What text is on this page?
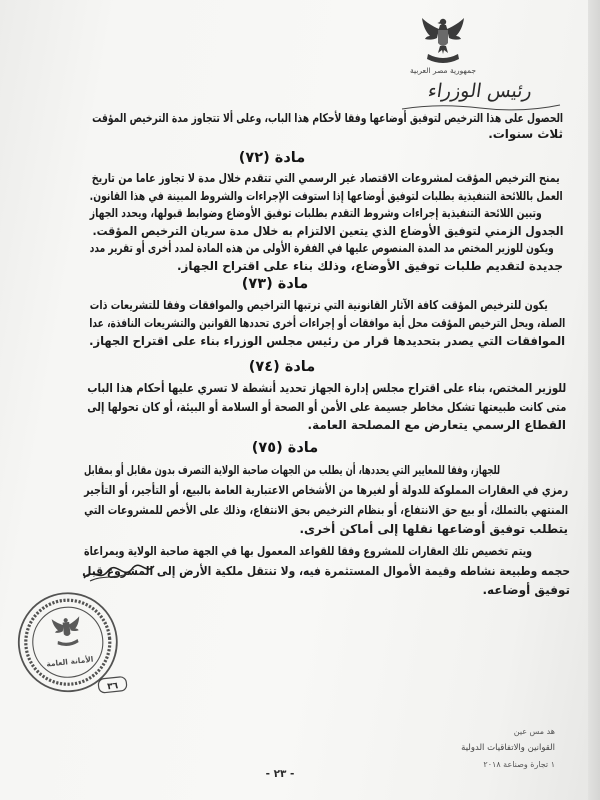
جمهورية مصر العربية
رئيس الوزراء
الحصول على هذا الترخيص لتوفيق أوضاعها وفقا لأحكام هذا الباب، وعلى ألا تتجاوز مدة الترخيص المؤقت
ثلاث سنوات.
مادة (٧٢)
يمنح الترخيص المؤقت لمشروعات الاقتصاد غير الرسمي التي تتقدم خلال مدة لا تجاوز عاما من تاريخ
العمل باللائحة التنفيذية بطلبات لتوفيق أوضاعها إذا استوفت الإجراءات والشروط المبينة في هذا القانون.
وتبين اللائحة التنفيذية إجراءات وشروط التقدم بطلبات توفيق الأوضاع وضوابط قبولها، ويحدد الجهاز
الجدول الزمني لتوفيق الأوضاع الذي يتعين الالتزام به خلال مدة سريان الترخيص المؤقت.
ويكون للوزير المختص مد المدة المنصوص عليها في الفقرة الأولى من هذه المادة لمدد أخرى أو تقرير مدد
جديدة لتقديم طلبات توفيق الأوضاع، وذلك بناء على اقتراح الجهاز.
مادة (٧٣)
يكون للترخيص المؤقت كافة الآثار القانونية التي ترتبها التراخيص والموافقات وفقا للتشريعات ذات
الصلة، ويحل الترخيص المؤقت محل أية موافقات أو إجراءات أخرى تحددها القوانين والتشريعات النافذة، عدا
الموافقات التي يصدر بتحديدها قرار من رئيس مجلس الوزراء بناء على اقتراح الجهاز.
مادة (٧٤)
للوزير المختص، بناء على اقتراح مجلس إدارة الجهاز تحديد أنشطة لا تسري عليها أحكام هذا الباب
متى كانت طبيعتها تشكل مخاطر جسيمة على الأمن أو الصحة أو السلامة أو البيئة، أو كان تحولها إلى
القطاع الرسمي يتعارض مع المصلحة العامة.
مادة (٧٥)
للجهاز، وفقا للمعايير التي يحددها، أن يطلب من الجهات صاحبة الولاية التصرف بدون مقابل أو بمقابل
رمزي في العقارات المملوكة للدولة أو لغيرها من الأشخاص الاعتبارية العامة بالبيع، أو التأجير، أو التأجير
المنتهي بالتملك، أو بيع حق الانتفاع، أو بنظام الترخيص بحق الانتفاع، وذلك على الأخص للمشروعات التي
يتطلب توفيق أوضاعها نقلها إلى أماكن أخرى.
ويتم تخصيص تلك العقارات للمشروع وفقا للقواعد المعمول بها في الجهة صاحبة الولاية ويمراعاة
حجمه وطبيعة نشاطه وقيمة الأموال المستثمرة فيه، ولا تنتقل ملكية الأرض إلى المشروع قبل
توفيق أوضاعه.
الأمانة العامة
٣٦
هد مس عين
القوانين والاتفاقيات الدولية
١ تجارة وصناعة ٢٠١٨
- ٢٣ -
